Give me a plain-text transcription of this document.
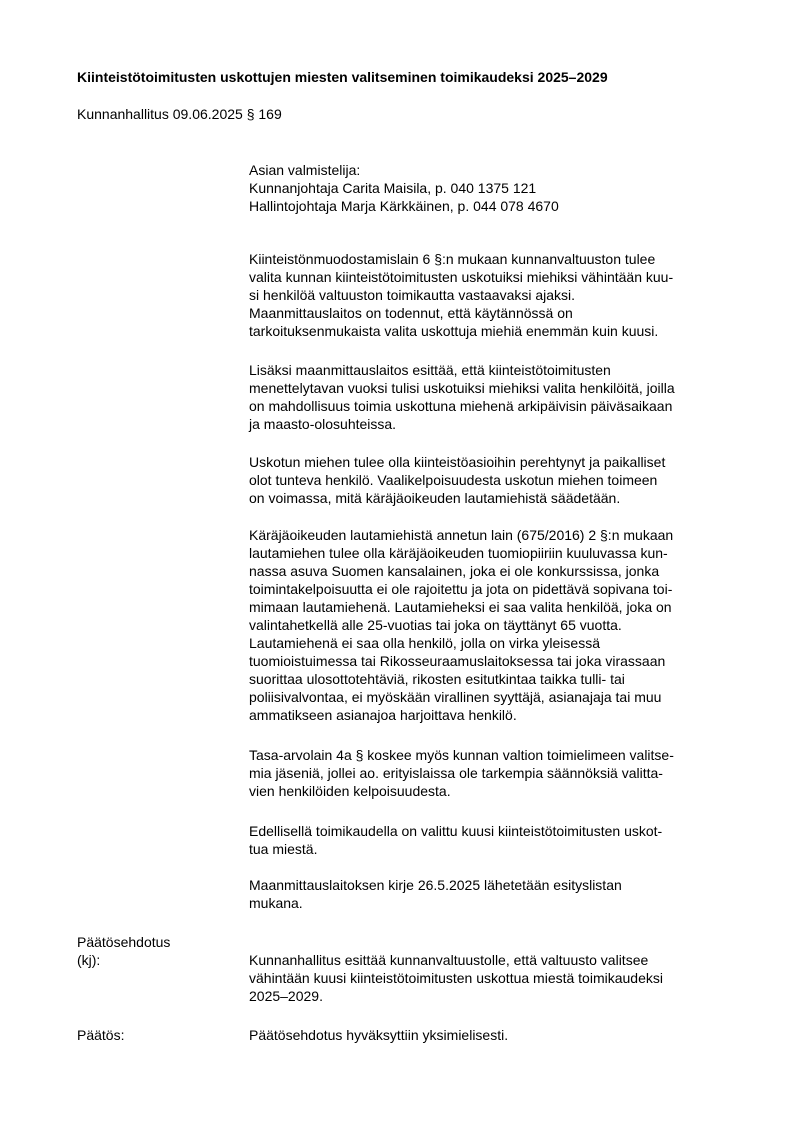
Kiinteistötoimitusten uskottujen miesten valitseminen toimikaudeksi 2025–2029
Kunnanhallitus 09.06.2025 § 169
Asian valmistelija:
Kunnanjohtaja Carita Maisila, p. 040 1375 121
Hallintojohtaja Marja Kärkkäinen, p. 044 078 4670
Kiinteistönmuodostamislain 6 §:n mukaan kunnanvaltuuston tulee
valita kunnan kiinteistötoimitusten uskotuiksi miehiksi vähintään kuu-
si henkilöä valtuuston toimikautta vastaavaksi ajaksi.
Maanmittauslaitos on todennut, että käytännössä on
tarkoituksenmukaista valita uskottuja miehiä enemmän kuin kuusi.
Lisäksi maanmittauslaitos esittää, että kiinteistötoimitusten
menettelytavan vuoksi tulisi uskotuiksi miehiksi valita henkilöitä, joilla
on mahdollisuus toimia uskottuna miehenä arkipäivisin päiväsaikaan
ja maasto-olosuhteissa.
Uskotun miehen tulee olla kiinteistöasioihin perehtynyt ja paikalliset
olot tunteva henkilö. Vaalikelpoisuudesta uskotun miehen toimeen
on voimassa, mitä käräjäoikeuden lautamiehistä säädetään.
Käräjäoikeuden lautamiehistä annetun lain (675/2016) 2 §:n mukaan
lautamiehen tulee olla käräjäoikeuden tuomiopiiriin kuuluvassa kun-
nassa asuva Suomen kansalainen, joka ei ole konkurssissa, jonka
toimintakelpoisuutta ei ole rajoitettu ja jota on pidettävä sopivana toi-
mimaan lautamiehenä. Lautamieheksi ei saa valita henkilöä, joka on
valintahetkellä alle 25-vuotias tai joka on täyttänyt 65 vuotta.
Lautamiehenä ei saa olla henkilö, jolla on virka yleisessä
tuomioistuimessa tai Rikosseuraamuslaitoksessa tai joka virassaan
suorittaa ulosottotehtäviä, rikosten esitutkintaa taikka tulli- tai
poliisivalvontaa, ei myöskään virallinen syyttäjä, asianajaja tai muu
ammatikseen asianajoa harjoittava henkilö.
Tasa-arvolain 4a § koskee myös kunnan valtion toimielimeen valitse-
mia jäseniä, jollei ao. erityislaissa ole tarkempia säännöksiä valitta-
vien henkilöiden kelpoisuudesta.
Edellisellä toimikaudella on valittu kuusi kiinteistötoimitusten uskot-
tua miestä.
Maanmittauslaitoksen kirje 26.5.2025 lähetetään esityslistan
mukana.
Päätösehdotus
(kj):	Kunnanhallitus esittää kunnanvaltuustolle, että valtuusto valitsee
vähintään kuusi kiinteistötoimitusten uskottua miestä toimikaudeksi
2025–2029.
Päätös:	Päätösehdotus hyväksyttiin yksimielisesti.
